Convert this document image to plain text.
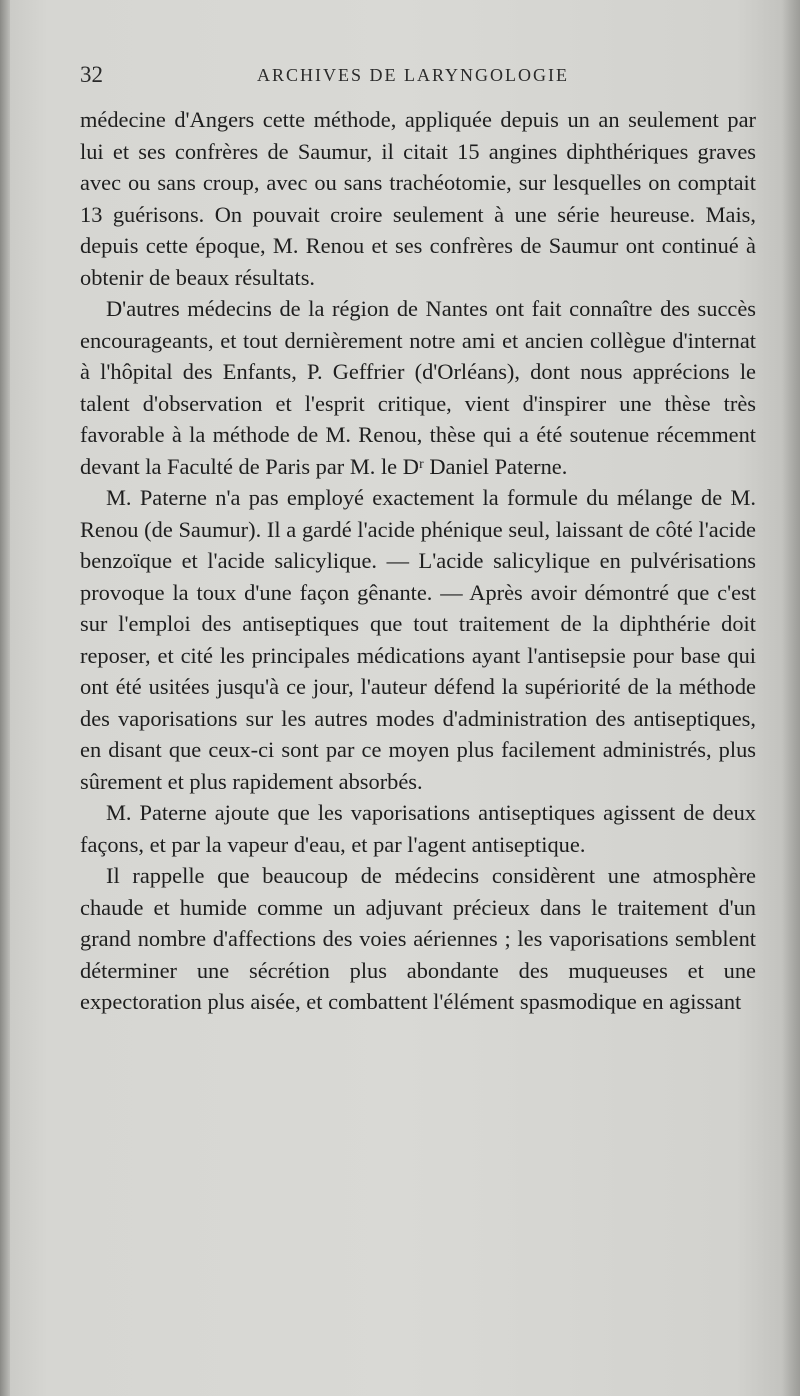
32	ARCHIVES DE LARYNGOLOGIE

médecine d'Angers cette méthode, appliquée depuis un an seulement par lui et ses confrères de Saumur, il citait 15 angines diphthériques graves avec ou sans croup, avec ou sans trachéotomie, sur lesquelles on comptait 13 guérisons. On pouvait croire seulement à une série heureuse. Mais, depuis cette époque, M. Renou et ses confrères de Saumur ont continué à obtenir de beaux résultats.

D'autres médecins de la région de Nantes ont fait connaître des succès encourageants, et tout dernièrement notre ami et ancien collègue d'internat à l'hôpital des Enfants, P. Geffrier (d'Orléans), dont nous apprécions le talent d'observation et l'esprit critique, vient d'inspirer une thèse très favorable à la méthode de M. Renou, thèse qui a été soutenue récemment devant la Faculté de Paris par M. le Dʳ Daniel Paterne.

M. Paterne n'a pas employé exactement la formule du mélange de M. Renou (de Saumur). Il a gardé l'acide phénique seul, laissant de côté l'acide benzoïque et l'acide salicylique. — L'acide salicylique en pulvérisations provoque la toux d'une façon gênante. — Après avoir démontré que c'est sur l'emploi des antiseptiques que tout traitement de la diphthérie doit reposer, et cité les principales médications ayant l'antisepsie pour base qui ont été usitées jusqu'à ce jour, l'auteur défend la supériorité de la méthode des vaporisations sur les autres modes d'administration des antiseptiques, en disant que ceux-ci sont par ce moyen plus facilement administrés, plus sûrement et plus rapidement absorbés.

M. Paterne ajoute que les vaporisations antiseptiques agissent de deux façons, et par la vapeur d'eau, et par l'agent antiseptique.

Il rappelle que beaucoup de médecins considèrent une atmosphère chaude et humide comme un adjuvant précieux dans le traitement d'un grand nombre d'affections des voies aériennes ; les vaporisations semblent déterminer une sécrétion plus abondante des muqueuses et une expectoration plus aisée, et combattent l'élément spasmodique en agissant
